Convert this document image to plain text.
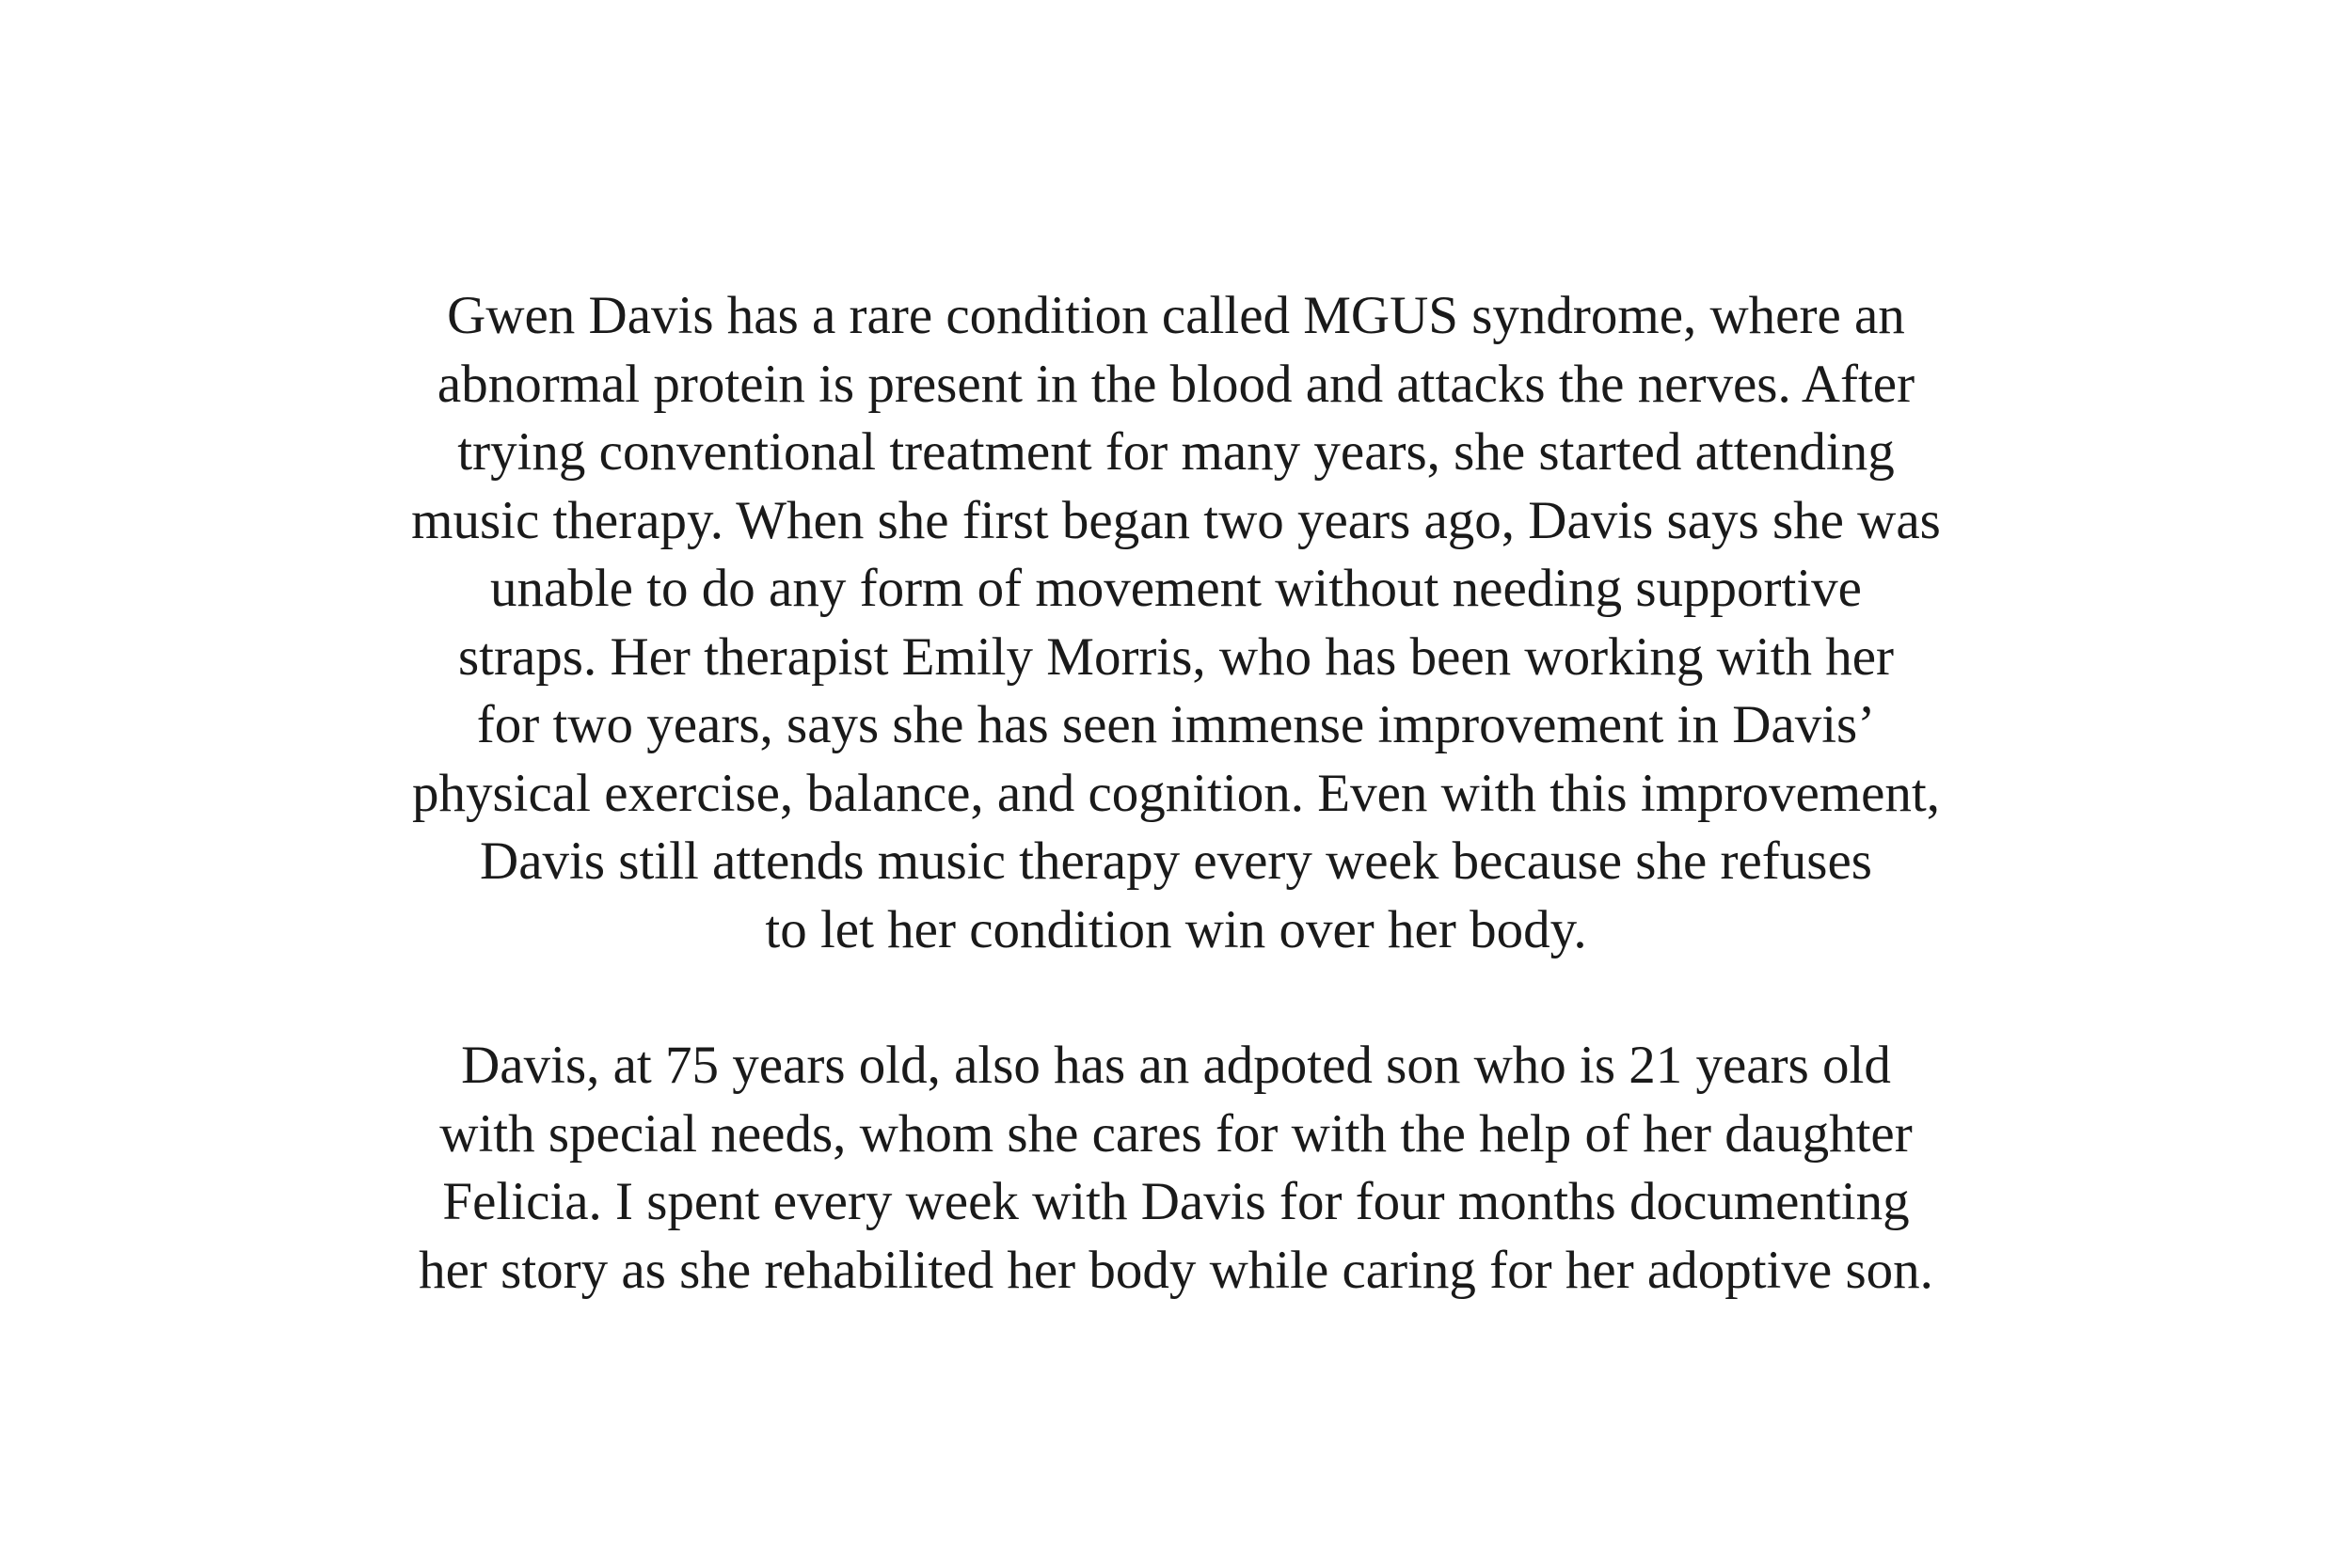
Gwen Davis has a rare condition called MGUS syndrome, where an
abnormal protein is present in the blood and attacks the nerves. After
trying conventional treatment for many years, she started attending
music therapy. When she first began two years ago, Davis says she was
unable to do any form of movement without needing supportive
straps. Her therapist Emily Morris, who has been working with her
for two years, says she has seen immense improvement in Davis’
physical exercise, balance, and cognition. Even with this improvement,
Davis still attends music therapy every week because she refuses
to let her condition win over her body.
Davis, at 75 years old, also has an adpoted son who is 21 years old
with special needs, whom she cares for with the help of her daughter
Felicia. I spent every week with Davis for four months documenting
her story as she rehabilited her body while caring for her adoptive son.
